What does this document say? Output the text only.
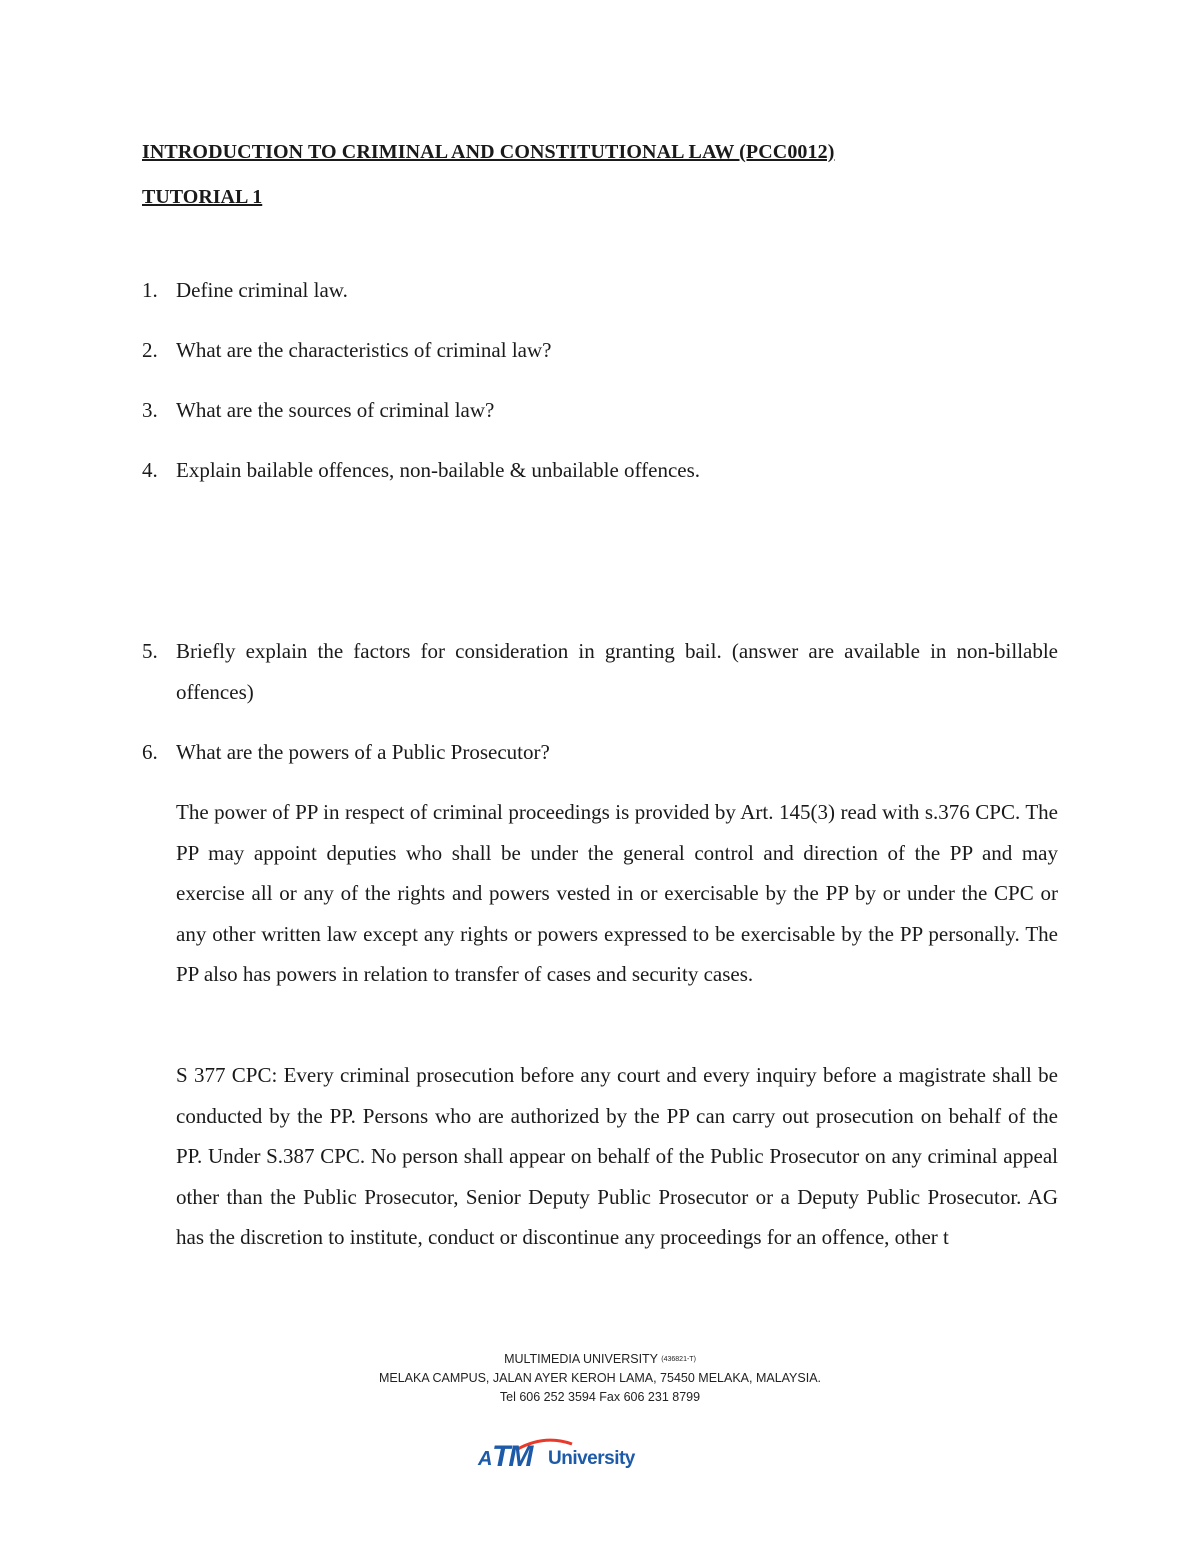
INTRODUCTION TO CRIMINAL AND CONSTITUTIONAL LAW (PCC0012)
TUTORIAL 1
1. Define criminal law.
2. What are the characteristics of criminal law?
3. What are the sources of criminal law?
4. Explain bailable offences, non-bailable & unbailable offences.
5. Briefly explain the factors for consideration in granting bail. (answer are available in non-billable offences)
6. What are the powers of a Public Prosecutor?
The power of PP in respect of criminal proceedings is provided by Art. 145(3) read with s.376 CPC. The PP may appoint deputies who shall be under the general control and direction of the PP and may exercise all or any of the rights and powers vested in or exercisable by the PP by or under the CPC or any other written law except any rights or powers expressed to be exercisable by the PP personally. The PP also has powers in relation to transfer of cases and security cases.
S 377 CPC: Every criminal prosecution before any court and every inquiry before a magistrate shall be conducted by the PP. Persons who are authorized by the PP can carry out prosecution on behalf of the PP. Under S.387 CPC. No person shall appear on behalf of the Public Prosecutor on any criminal appeal other than the Public Prosecutor, Senior Deputy Public Prosecutor or a Deputy Public Prosecutor. AG has the discretion to institute, conduct or discontinue any proceedings for an offence, other t
MULTIMEDIA UNIVERSITY (436821-T)
MELAKA CAMPUS, JALAN AYER KEROH LAMA, 75450 MELAKA, MALAYSIA.
Tel 606 252 3594 Fax 606 231 8799
A TM University
